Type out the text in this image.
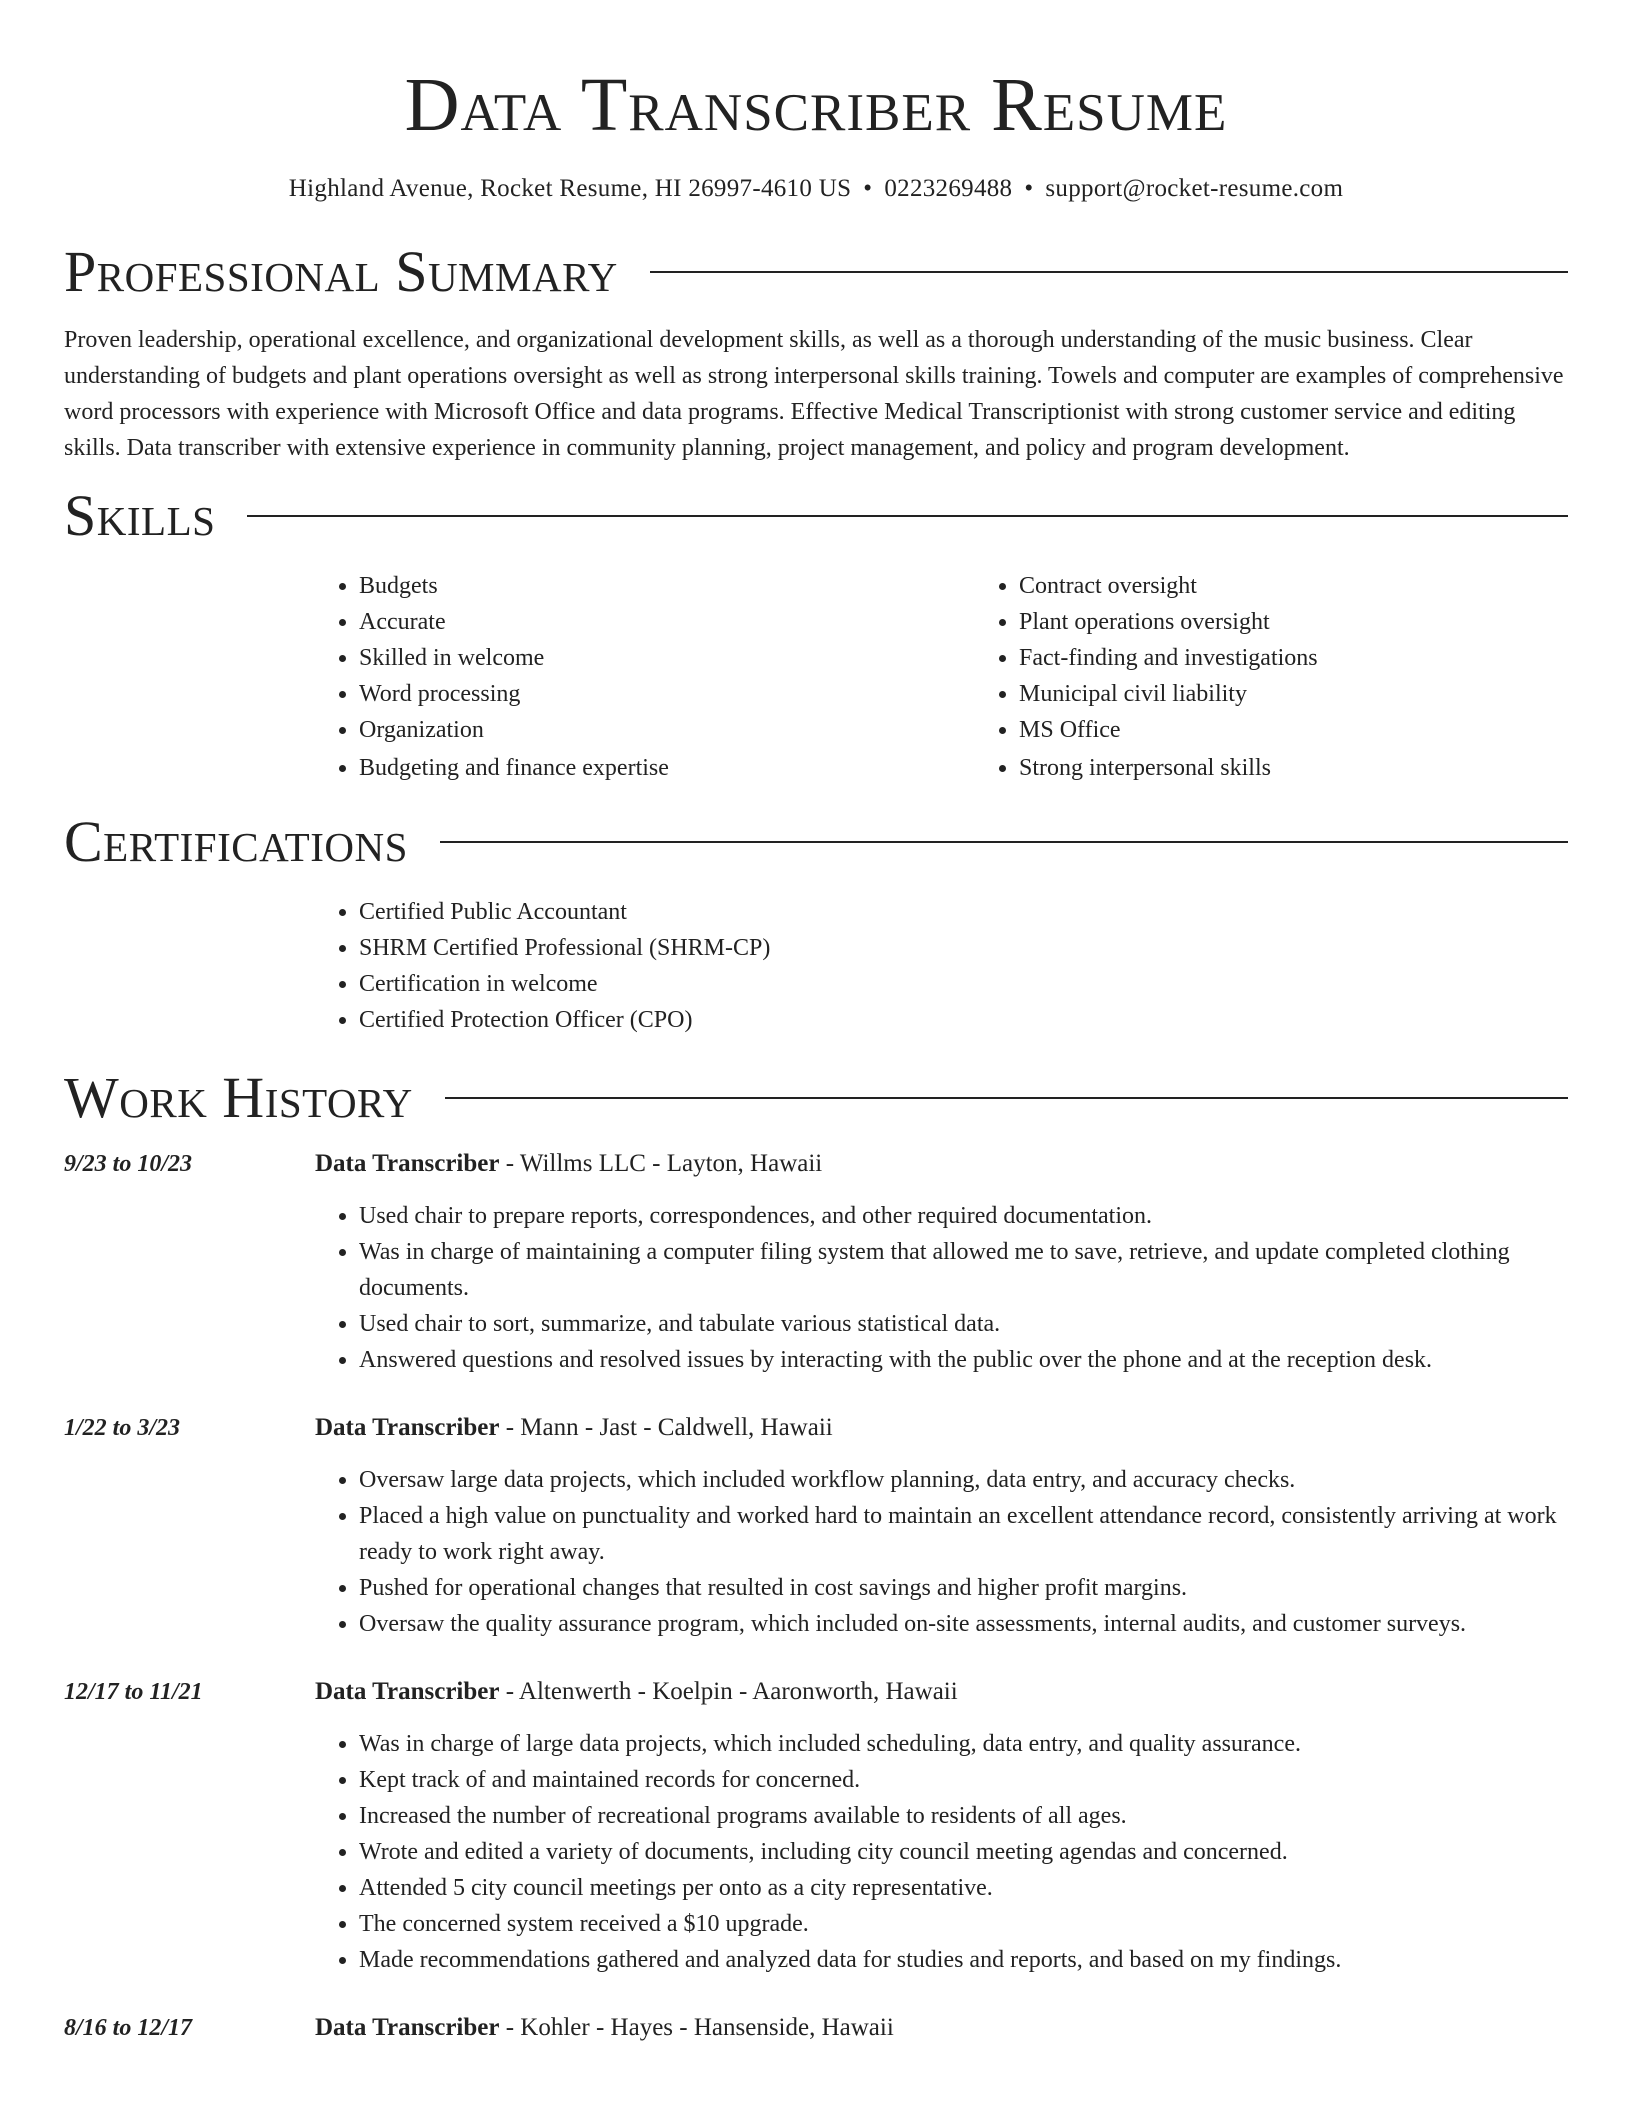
Data Transcriber Resume
Highland Avenue, Rocket Resume, HI 26997-4610 US • 0223269488 • support@rocket-resume.com
Professional Summary

Proven leadership, operational excellence, and organizational development skills, as well as a thorough understanding of the music business. Clear understanding of budgets and plant operations oversight as well as strong interpersonal skills training. Towels and computer are examples of comprehensive word processors with experience with Microsoft Office and data programs. Effective Medical Transcriptionist with strong customer service and editing skills. Data transcriber with extensive experience in community planning, project management, and policy and program development.

Skills
• Budgets
• Accurate
• Skilled in welcome
• Word processing
• Organization
• Budgeting and finance expertise
• Contract oversight
• Plant operations oversight
• Fact-finding and investigations
• Municipal civil liability
• MS Office
• Strong interpersonal skills
Certifications
• Certified Public Accountant
• SHRM Certified Professional (SHRM-CP)
• Certification in welcome
• Certified Protection Officer (CPO)
Work History
9/23 to 10/23	Data Transcriber - Willms LLC - Layton, Hawaii
• Used chair to prepare reports, correspondences, and other required documentation.
• Was in charge of maintaining a computer filing system that allowed me to save, retrieve, and update completed clothing documents.
• Used chair to sort, summarize, and tabulate various statistical data.
• Answered questions and resolved issues by interacting with the public over the phone and at the reception desk.
1/22 to 3/23	Data Transcriber - Mann - Jast - Caldwell, Hawaii
• Oversaw large data projects, which included workflow planning, data entry, and accuracy checks.
• Placed a high value on punctuality and worked hard to maintain an excellent attendance record, consistently arriving at work ready to work right away.
• Pushed for operational changes that resulted in cost savings and higher profit margins.
• Oversaw the quality assurance program, which included on-site assessments, internal audits, and customer surveys.
12/17 to 11/21	Data Transcriber - Altenwerth - Koelpin - Aaronworth, Hawaii
• Was in charge of large data projects, which included scheduling, data entry, and quality assurance.
• Kept track of and maintained records for concerned.
• Increased the number of recreational programs available to residents of all ages.
• Wrote and edited a variety of documents, including city council meeting agendas and concerned.
• Attended 5 city council meetings per onto as a city representative.
• The concerned system received a $10 upgrade.
• Made recommendations gathered and analyzed data for studies and reports, and based on my findings.
8/16 to 12/17	Data Transcriber - Kohler - Hayes - Hansenside, Hawaii
